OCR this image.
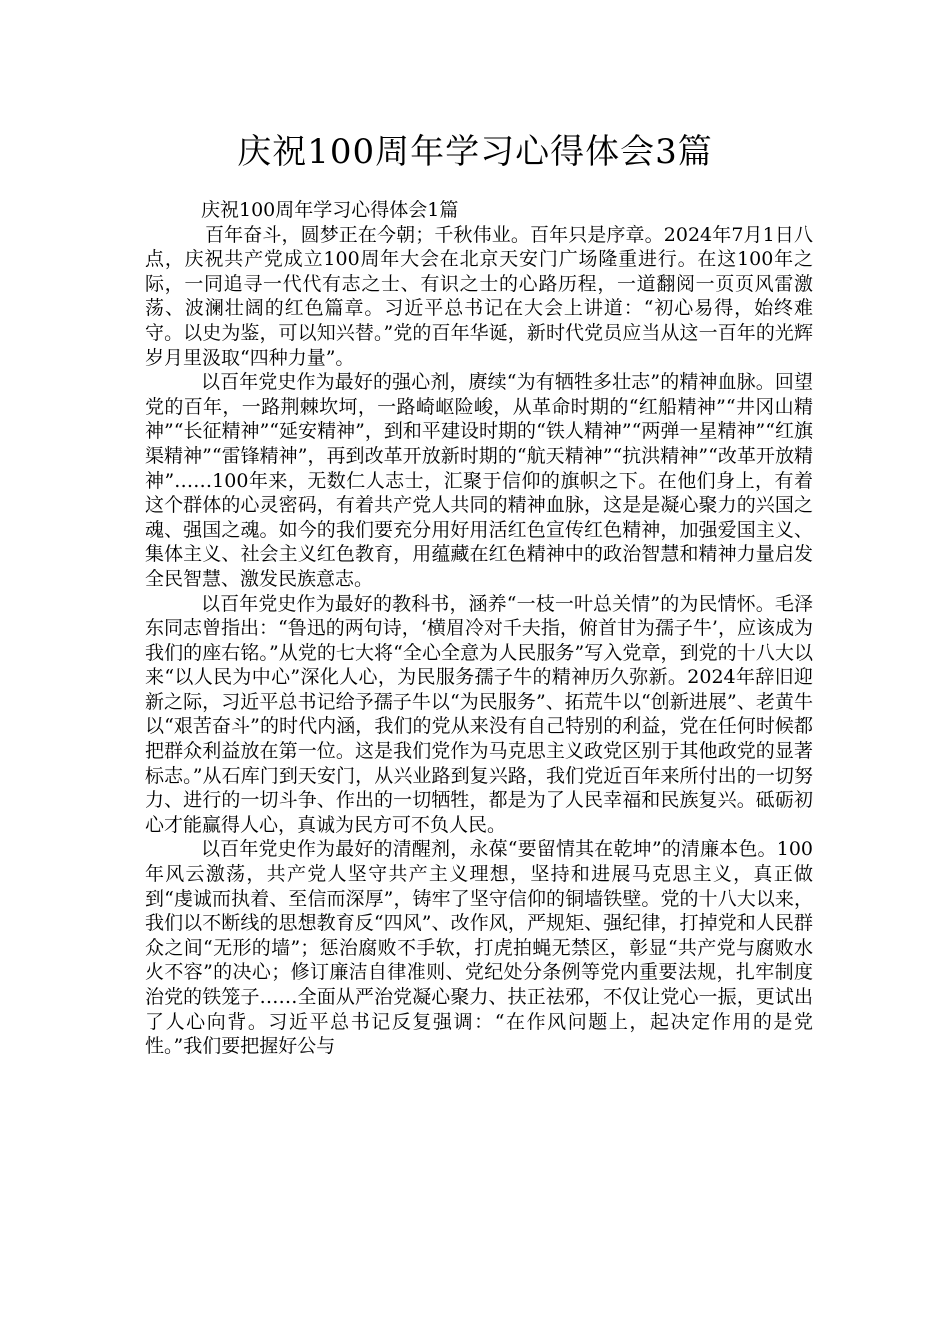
庆祝100周年学习心得体会3篇
庆祝100周年学习心得体会1篇

百年奋斗，圆梦正在今朝；千秋伟业。百年只是序章。2024年7月1日八点，庆祝共产党成立100周年大会在北京天安门广场隆重进行。在这100年之际，一同追寻一代代有志之士、有识之士的心路历程，一道翻阅一页页风雷激荡、波澜壮阔的红色篇章。习近平总书记在大会上讲道：“初心易得，始终难守。以史为鉴，可以知兴替。”党的百年华诞，新时代党员应当从这一百年的光辉岁月里汲取“四种力量”。

以百年党史作为最好的强心剂，赓续“为有牺牲多壮志”的精神血脉。回望党的百年，一路荆棘坎坷，一路崎岖险峻，从革命时期的“红船精神”“井冈山精神”“长征精神”“延安精神”，到和平建设时期的“铁人精神”“两弹一星精神”“红旗渠精神”“雷锋精神”，再到改革开放新时期的“航天精神”“抗洪精神”“改革开放精神”……100年来，无数仁人志士，汇聚于信仰的旗帜之下。在他们身上，有着这个群体的心灵密码，有着共产党人共同的精神血脉，这是是凝心聚力的兴国之魂、强国之魂。如今的我们要充分用好用活红色宣传红色精神，加强爱国主义、集体主义、社会主义红色教育，用蕴藏在红色精神中的政治智慧和精神力量启发全民智慧、激发民族意志。

以百年党史作为最好的教科书，涵养“一枝一叶总关情”的为民情怀。毛泽东同志曾指出：“鲁迅的两句诗，‘横眉冷对千夫指，俯首甘为孺子牛’，应该成为我们的座右铭。”从党的七大将“全心全意为人民服务”写入党章，到党的十八大以来“以人民为中心”深化人心，为民服务孺子牛的精神历久弥新。2024年辞旧迎新之际，习近平总书记给予孺子牛以“为民服务”、拓荒牛以“创新进展”、老黄牛以“艰苦奋斗”的时代内涵，我们的党从来没有自己特别的利益，党在任何时候都把群众利益放在第一位。这是我们党作为马克思主义政党区别于其他政党的显著标志。”从石库门到天安门，从兴业路到复兴路，我们党近百年来所付出的一切努力、进行的一切斗争、作出的一切牺牲，都是为了人民幸福和民族复兴。砥砺初心才能赢得人心，真诚为民方可不负人民。

以百年党史作为最好的清醒剂，永葆“要留情其在乾坤”的清廉本色。100年风云激荡，共产党人坚守共产主义理想，坚持和进展马克思主义，真正做到“虔诚而执着、至信而深厚”，铸牢了坚守信仰的铜墙铁壁。党的十八大以来，我们以不断线的思想教育反“四风”、改作风，严规矩、强纪律，打掉党和人民群众之间“无形的墙”；惩治腐败不手软，打虎拍蝇无禁区，彰显“共产党与腐败水火不容”的决心；修订廉洁自律准则、党纪处分条例等党内重要法规，扎牢制度治党的铁笼子……全面从严治党凝心聚力、扶正祛邪，不仅让党心一振，更试出了人心向背。习近平总书记反复强调：“在作风问题上，起决定作用的是党性。”我们要把握好公与
